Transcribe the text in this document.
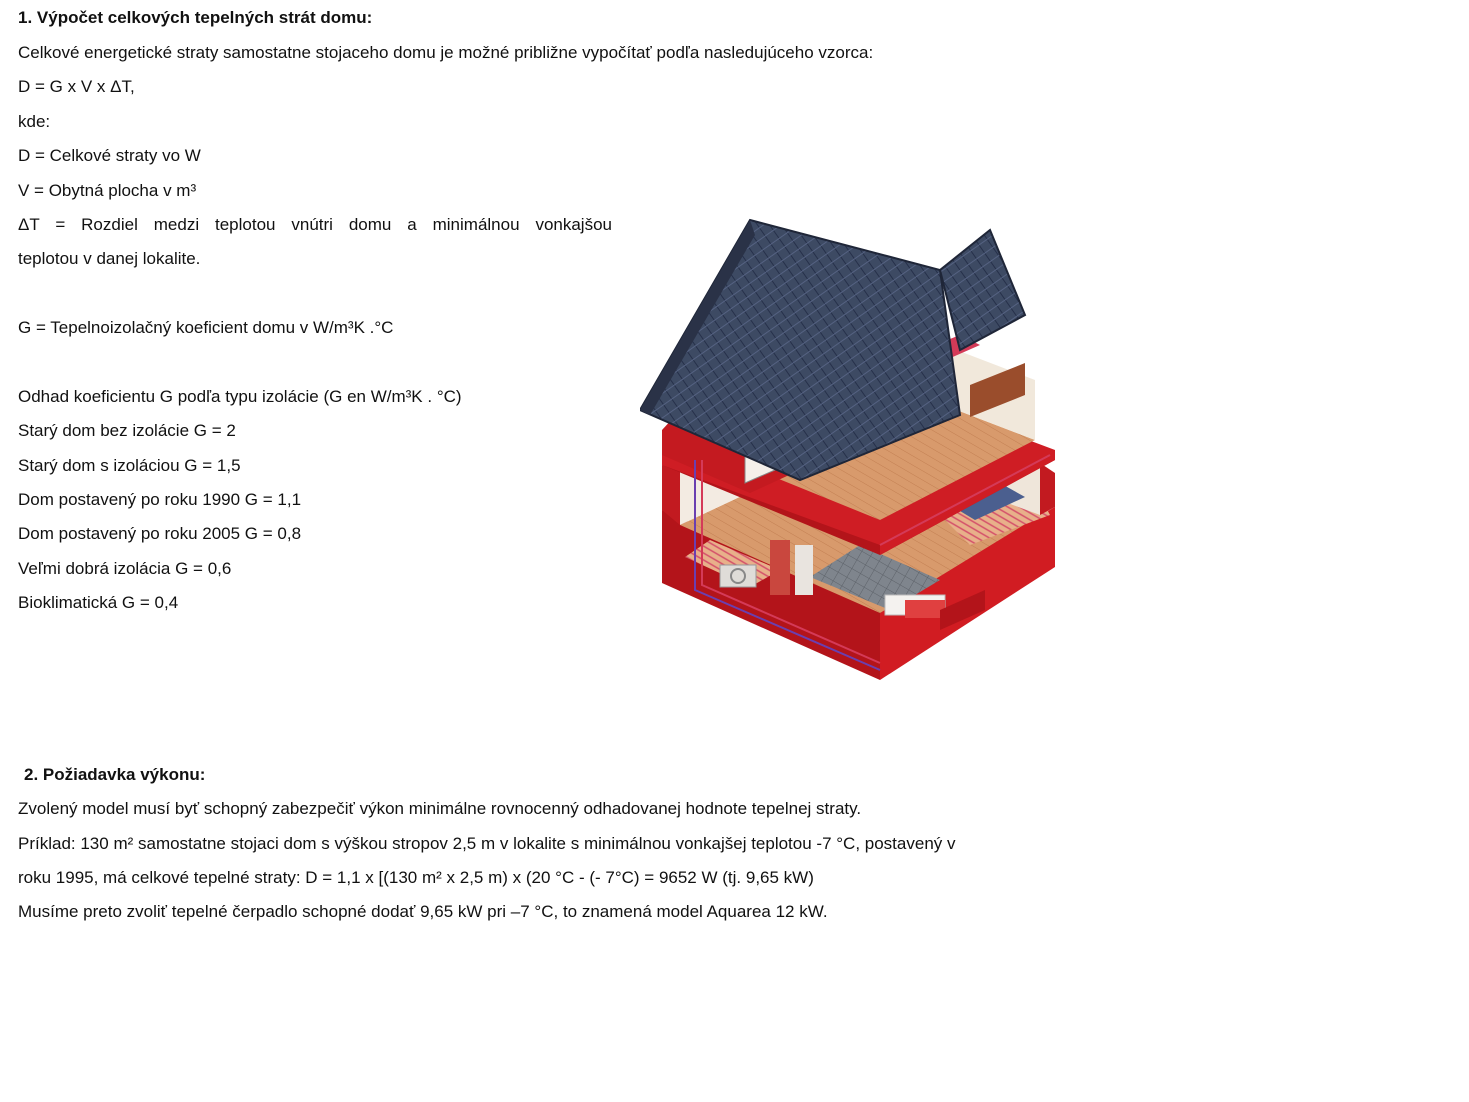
1. Výpočet celkových tepelných strát domu:
Celkové energetické straty samostatne stojaceho domu je možné približne vypočítať podľa nasledujúceho vzorca:
D = G x V x ΔT,
kde:
D = Celkové straty vo W
V = Obytná plocha v m³
ΔT = Rozdiel medzi teplotou vnútri domu a minimálnou vonkajšou
teplotou v danej lokalite.
G = Tepelnoizolačný koeficient domu v W/m³K .°C
Odhad koeficientu G podľa typu izolácie (G en W/m³K . °C)
Starý dom bez izolácie G = 2
Starý dom s izoláciou G = 1,5
Dom postavený po roku 1990 G = 1,1
Dom postavený po roku 2005 G = 0,8
Veľmi dobrá izolácia G = 0,6
Bioklimatická G = 0,4
2. Požiadavka výkonu:
Zvolený model musí byť schopný zabezpečiť výkon minimálne rovnocenný odhadovanej hodnote tepelnej straty.
Príklad: 130 m² samostatne stojaci dom s výškou stropov 2,5 m v lokalite s minimálnou vonkajšej teplotou -7 °C, postavený v
roku 1995, má celkové tepelné straty: D = 1,1 x [(130 m² x 2,5 m) x (20 °C - (- 7°C) = 9652 W (tj. 9,65 kW)
Musíme preto zvoliť tepelné čerpadlo schopné dodať 9,65 kW pri –7 °C, to znamená model Aquarea 12 kW.
